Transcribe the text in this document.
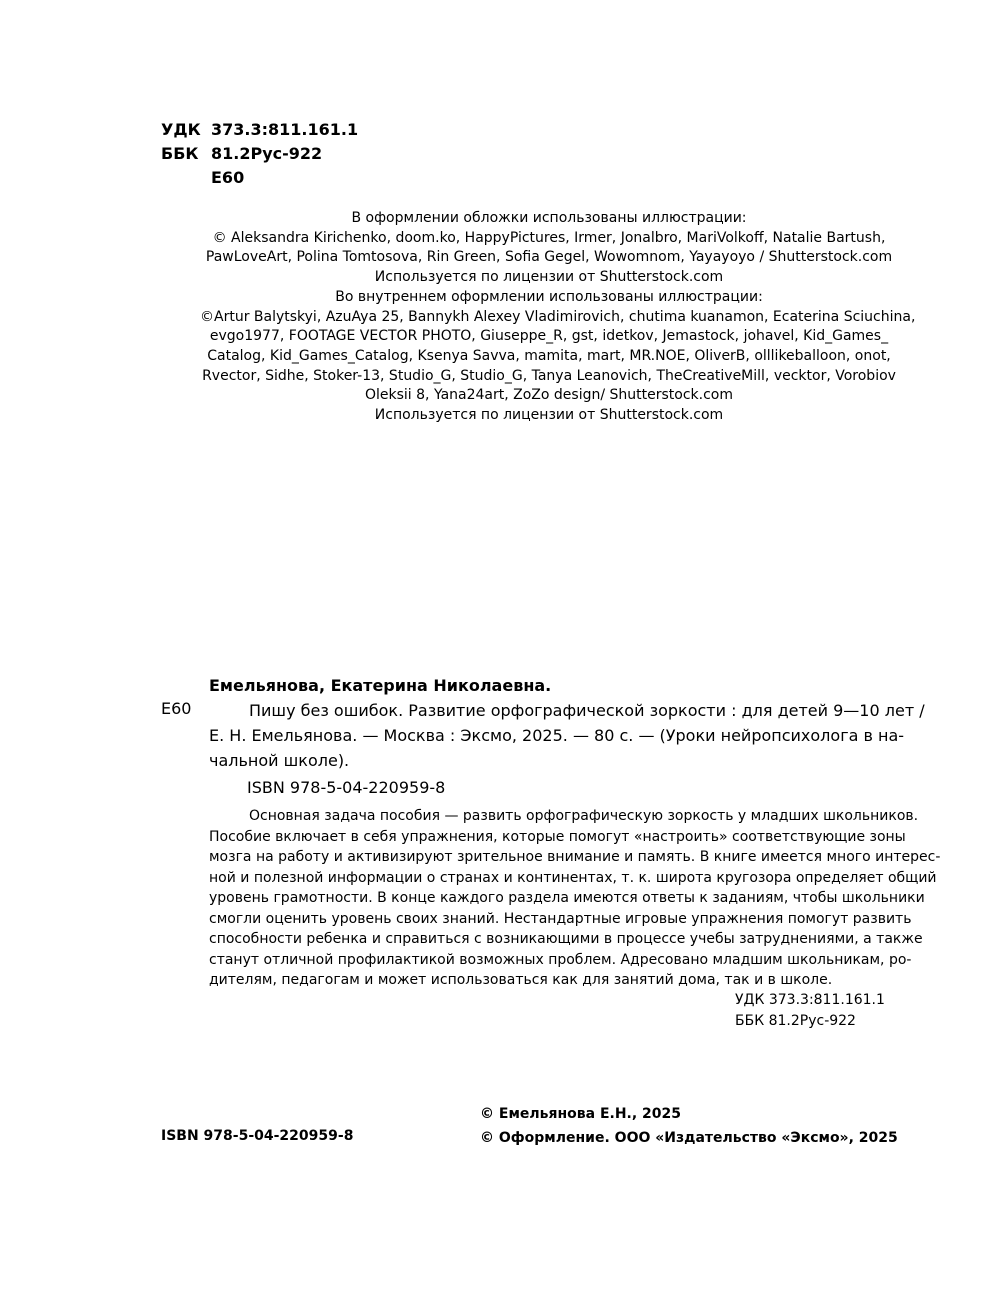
УДК 373.3:811.161.1
ББК 81.2Рус-922
Е60
В оформлении обложки использованы иллюстрации:
© Aleksandra Kirichenko, doom.ko, HappyPictures, Irmer, Jonalbro, MariVolkoff, Natalie Bartush,
PawLoveArt, Polina Tomtosova, Rin Green, Sofia Gegel, Wowomnom, Yayayoyo / Shutterstock.com
Используется по лицензии от Shutterstock.com
Во внутреннем оформлении использованы иллюстрации:
©Artur Balytskyi, AzuAya 25, Bannykh Alexey Vladimirovich, chutima kuanamon, Ecaterina Sciuchina,
evgo1977, FOOTAGE VECTOR PHOTO, Giuseppe_R, gst, idetkov, Jemastock, johavel, Kid_Games_
Catalog, Kid_Games_Catalog, Ksenya Savva, mamita, mart, MR.NOE, OliverB, olllikeballoon, onot,
Rvector, Sidhe, Stoker-13, Studio_G, Studio_G, Tanya Leanovich, TheCreativeMill, vecktor, Vorobiov
Oleksii 8, Yana24art, ZoZo design/ Shutterstock.com
Используется по лицензии от Shutterstock.com
Емельянова, Екатерина Николаевна.
Е60	Пишу без ошибок. Развитие орфографической зоркости : для детей 9—10 лет /
Е. Н. Емельянова. — Москва : Эксмо, 2025. — 80 с. — (Уроки нейропсихолога в на-
чальной школе).
ISBN 978-5-04-220959-8
Основная задача пособия — развить орфографическую зоркость у младших школьников.
Пособие включает в себя упражнения, которые помогут «настроить» соответствующие зоны
мозга на работу и активизируют зрительное внимание и память. В книге имеется много интерес-
ной и полезной информации о странах и континентах, т. к. широта кругозора определяет общий
уровень грамотности. В конце каждого раздела имеются ответы к заданиям, чтобы школьники
смогли оценить уровень своих знаний. Нестандартные игровые упражнения помогут развить
способности ребенка и справиться с возникающими в процессе учебы затруднениями, а также
станут отличной профилактикой возможных проблем. Адресовано младшим школьникам, ро-
дителям, педагогам и может использоваться как для занятий дома, так и в школе.
УДК 373.3:811.161.1
ББК 81.2Рус-922
ISBN 978-5-04-220959-8
© Емельянова Е.Н., 2025
© Оформление. ООО «Издательство «Эксмо», 2025
